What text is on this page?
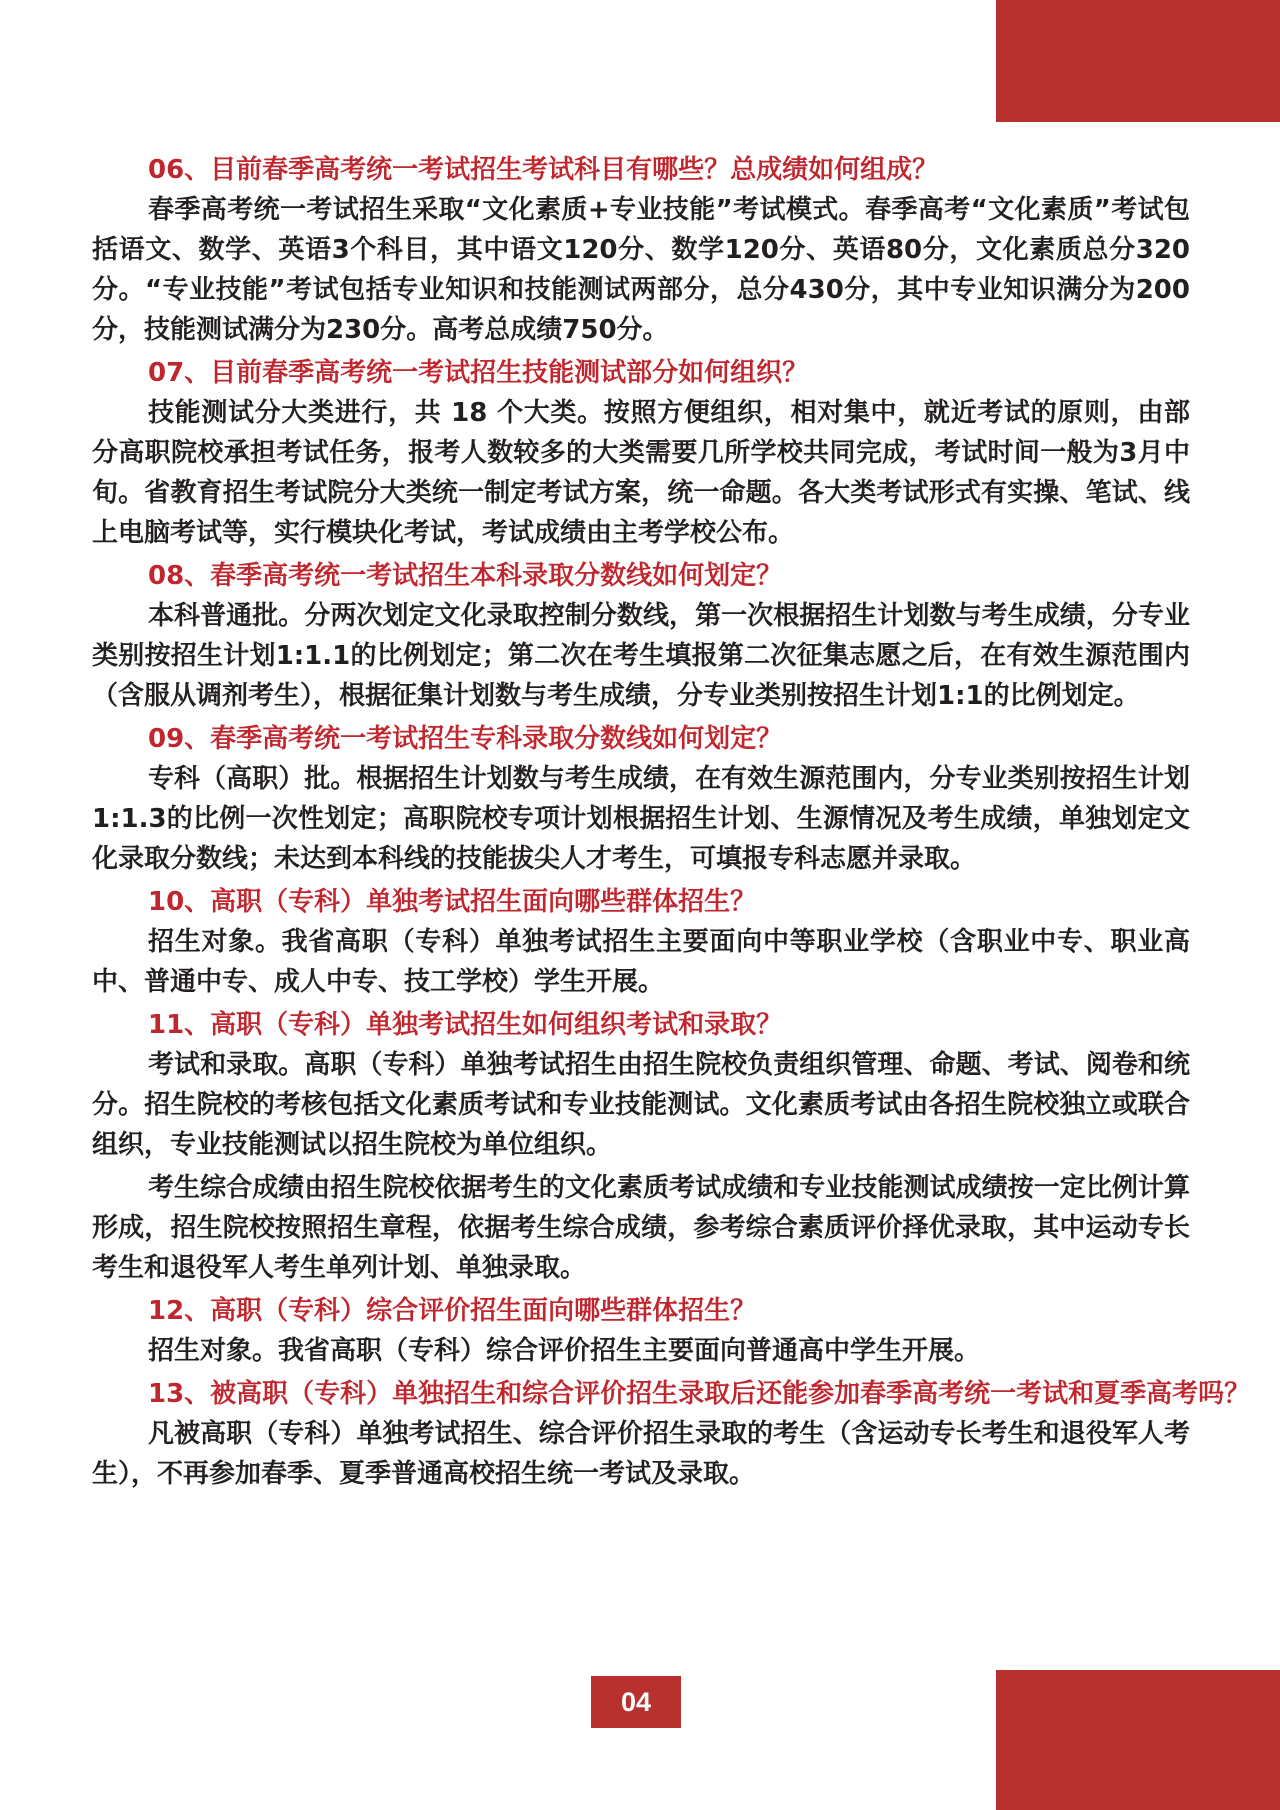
06、目前春季高考统一考试招生考试科目有哪些？总成绩如何组成？

春季高考统一考试招生采取“文化素质+专业技能”考试模式。春季高考“文化素质”考试包括语文、数学、英语3个科目，其中语文120分、数学120分、英语80分，文化素质总分320分。“专业技能”考试包括专业知识和技能测试两部分，总分430分，其中专业知识满分为200分，技能测试满分为230分。高考总成绩750分。

07、目前春季高考统一考试招生技能测试部分如何组织？

技能测试分大类进行，共 18 个大类。按照方便组织，相对集中，就近考试的原则，由部分高职院校承担考试任务，报考人数较多的大类需要几所学校共同完成，考试时间一般为3月中旬。省教育招生考试院分大类统一制定考试方案，统一命题。各大类考试形式有实操、笔试、线上电脑考试等，实行模块化考试，考试成绩由主考学校公布。

08、春季高考统一考试招生本科录取分数线如何划定？

本科普通批。分两次划定文化录取控制分数线，第一次根据招生计划数与考生成绩，分专业类别按招生计划1:1.1的比例划定；第二次在考生填报第二次征集志愿之后，在有效生源范围内（含服从调剂考生），根据征集计划数与考生成绩，分专业类别按招生计划1:1的比例划定。

09、春季高考统一考试招生专科录取分数线如何划定？

专科（高职）批。根据招生计划数与考生成绩，在有效生源范围内，分专业类别按招生计划1:1.3的比例一次性划定；高职院校专项计划根据招生计划、生源情况及考生成绩，单独划定文化录取分数线；未达到本科线的技能拔尖人才考生，可填报专科志愿并录取。

10、高职（专科）单独考试招生面向哪些群体招生？

招生对象。我省高职（专科）单独考试招生主要面向中等职业学校（含职业中专、职业高中、普通中专、成人中专、技工学校）学生开展。

11、高职（专科）单独考试招生如何组织考试和录取？

考试和录取。高职（专科）单独考试招生由招生院校负责组织管理、命题、考试、阅卷和统分。招生院校的考核包括文化素质考试和专业技能测试。文化素质考试由各招生院校独立或联合组织，专业技能测试以招生院校为单位组织。

考生综合成绩由招生院校依据考生的文化素质考试成绩和专业技能测试成绩按一定比例计算形成，招生院校按照招生章程，依据考生综合成绩，参考综合素质评价择优录取，其中运动专长考生和退役军人考生单列计划、单独录取。

12、高职（专科）综合评价招生面向哪些群体招生？

招生对象。我省高职（专科）综合评价招生主要面向普通高中学生开展。

13、被高职（专科）单独招生和综合评价招生录取后还能参加春季高考统一考试和夏季高考吗？

凡被高职（专科）单独考试招生、综合评价招生录取的考生（含运动专长考生和退役军人考生），不再参加春季、夏季普通高校招生统一考试及录取。

04
